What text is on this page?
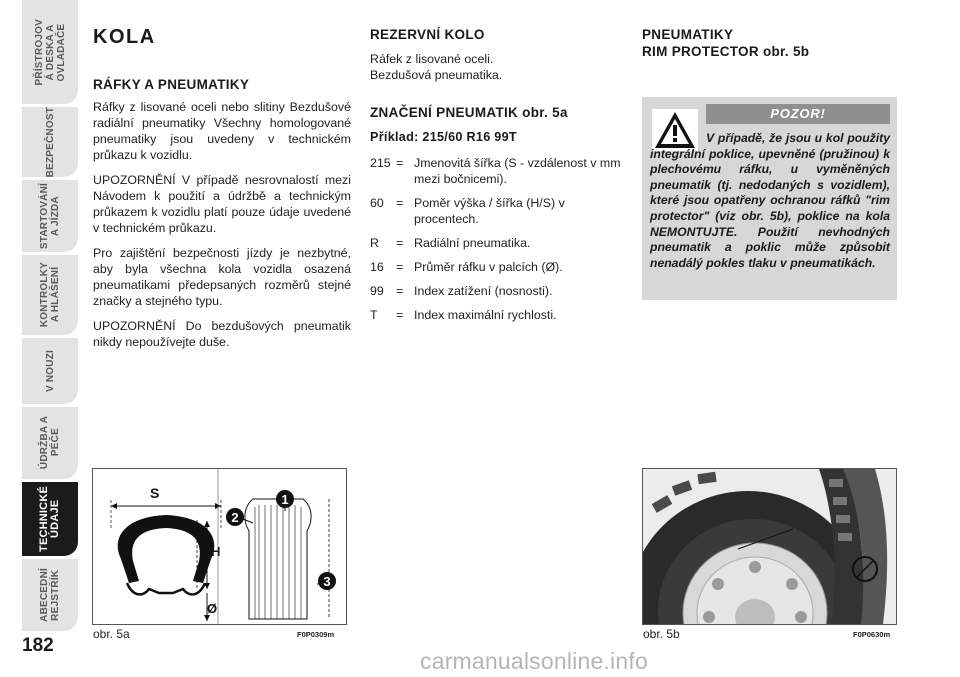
PŘÍSTROJOV
Á DESKA A
OVLADAČE
BEZPEČNOST
STARTOVÁNÍ
A JÍZDA
KONTROLKY
A HLÁŠENÍ
V NOUZI
ÚDRŽBA A
PÉČE
TECHNICKÉ
ÚDAJE
ABECEDNÍ
REJSTŘÍK
182
KOLA
RÁFKY A PNEUMATIKY

Ráfky z lisované oceli nebo slitiny Bezdušové radiální pneumatiky Všechny homologované pneumatiky jsou uvedeny v technickém průkazu k vozidlu.

UPOZORNĚNÍ V případě nesrovnalostí mezi Návodem k použití a údržbě a technickým průkazem k vozidlu platí pouze údaje uvedené v technickém průkazu.

Pro zajištění bezpečnosti jízdy je nezbytné, aby byla všechna kola vozidla osazená pneumatikami předepsaných rozměrů stejné značky a stejného typu.

UPOZORNĚNÍ Do bezdušových pneumatik nikdy nepoužívejte duše.

REZERVNÍ KOLO
Ráfek z lisované oceli.
Bezdušová pneumatika.
ZNAČENÍ PNEUMATIK obr. 5a
Příklad: 215/60 R16 99T
215 = Jmenovitá šířka (S - vzdálenost v mm mezi bočnicemi).
60 = Poměr výška / šířka (H/S) v procentech.
R	= Radiální pneumatika.
16 = Průměr ráfku v palcích (Ø).
99 = Index zatížení (nosnosti).
T	= Index maximální rychlosti.
PNEUMATIKY
RIM PROTECTOR obr. 5b
POZOR!
V případě, že jsou u kol použity integrální poklice, upevněné (pružinou) k plechovému ráfku, u vyměněných pneumatik (tj. nedodaných s vozidlem), které jsou opatřeny ochranou ráfků "rim protector" (viz obr. 5b), poklice na kola NEMONTUJTE. Použití nevhodných pneumatik a poklic může způsobit nenadálý pokles tlaku v pneumatikách.
S
H
Ø
1
2
3
obr. 5a	F0P0309m	obr. 5b	F0P0630m
carmanualsonline.info
